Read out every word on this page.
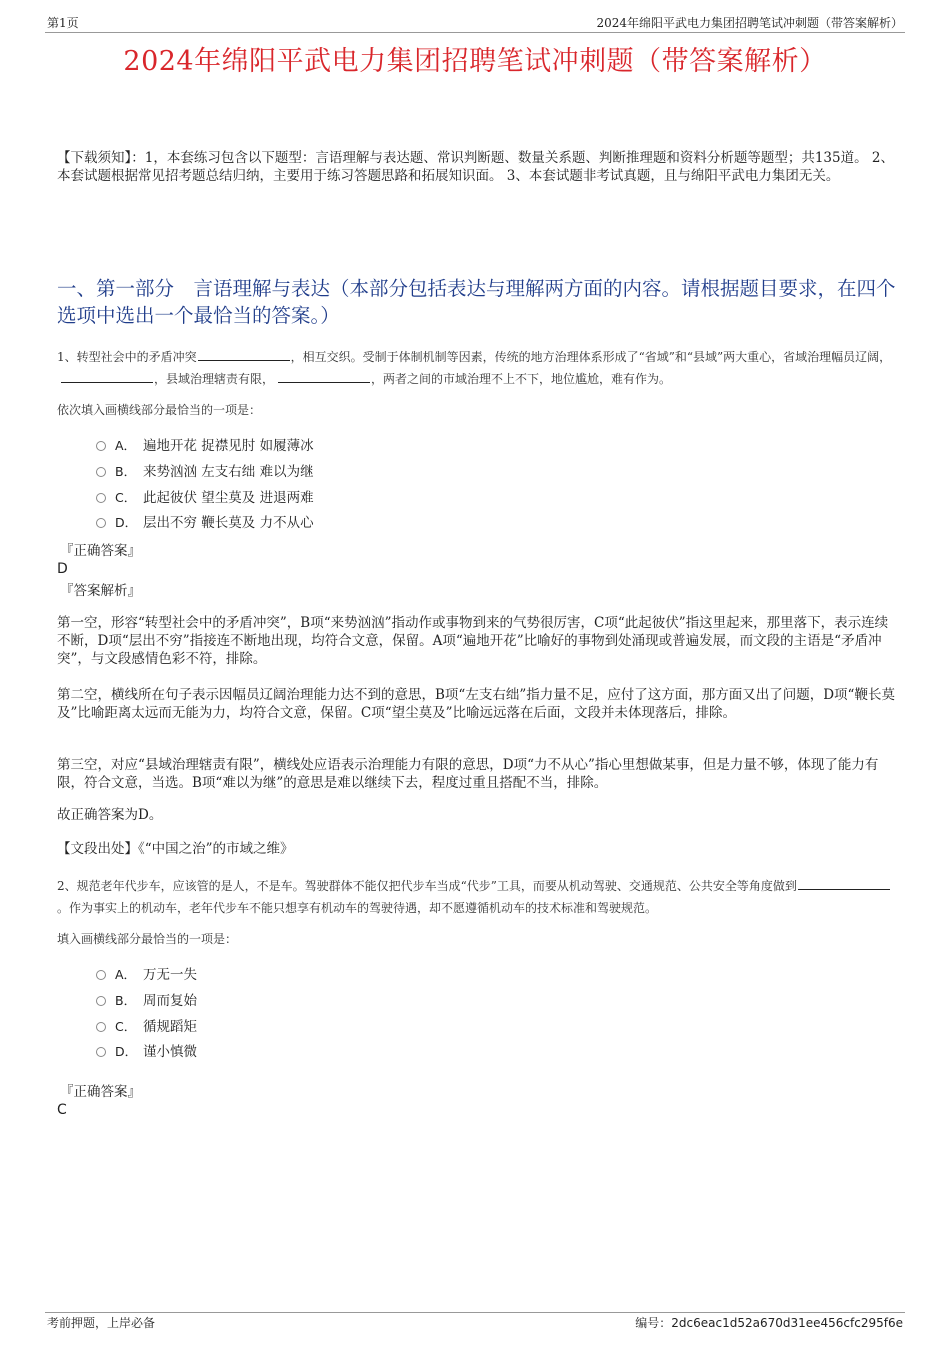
第1页	2024年绵阳平武电力集团招聘笔试冲刺题（带答案解析）
2024年绵阳平武电力集团招聘笔试冲刺题（带答案解析）
【下载须知】：1，本套练习包含以下题型：言语理解与表达题、常识判断题、数量关系题、判断推理题和资料分析题等题型；共135道。 2、本套试题根据常见招考题总结归纳，主要用于练习答题思路和拓展知识面。 3、本套试题非考试真题，且与绵阳平武电力集团无关。
一、第一部分　言语理解与表达（本部分包括表达与理解两方面的内容。请根据题目要求，在四个选项中选出一个最恰当的答案。）
1、转型社会中的矛盾冲突	，相互交织。受制于体制机制等因素，传统的地方治理体系形成了“省域”和“县域”两大重心，省域治理幅员辽阔，，县域治理辖责有限，	，两者之间的市域治理不上不下，地位尴尬，难有作为。
依次填入画横线部分最恰当的一项是：
A． 遍地开花 捉襟见肘 如履薄冰
B． 来势汹汹 左支右绌 难以为继
C． 此起彼伏 望尘莫及 进退两难
D． 层出不穷 鞭长莫及 力不从心
『正确答案』
D
『答案解析』
第一空，形容“转型社会中的矛盾冲突”，B项“来势汹汹”指动作或事物到来的气势很厉害，C项“此起彼伏”指这里起来，那里落下，表示连续不断，D项“层出不穷”指接连不断地出现，均符合文意，保留。A项“遍地开花”比喻好的事物到处涌现或普遍发展，而文段的主语是“矛盾冲突”，与文段感情色彩不符，排除。
第二空，横线所在句子表示因幅员辽阔治理能力达不到的意思，B项“左支右绌”指力量不足，应付了这方面，那方面又出了问题，D项“鞭长莫及”比喻距离太远而无能为力，均符合文意，保留。C项“望尘莫及”比喻远远落在后面，文段并未体现落后，排除。
第三空，对应“县域治理辖责有限”，横线处应语表示治理能力有限的意思，D项“力不从心”指心里想做某事，但是力量不够，体现了能力有限，符合文意，当选。B项“难以为继”的意思是难以继续下去，程度过重且搭配不当，排除。
故正确答案为D。
【文段出处】《“中国之治”的市域之维》
2、规范老年代步车，应该管的是人，不是车。驾驶群体不能仅把代步车当成“代步”工具，而要从机动驾驶、交通规范、公共安全等角度做到。作为事实上的机动车，老年代步车不能只想享有机动车的驾驶待遇，却不愿遵循机动车的技术标准和驾驶规范。
填入画横线部分最恰当的一项是：
A． 万无一失
B． 周而复始
C． 循规蹈矩
D． 谨小慎微
『正确答案』
C
考前押题，上岸必备	编号：2dc6eac1d52a670d31ee456cfc295f6e
